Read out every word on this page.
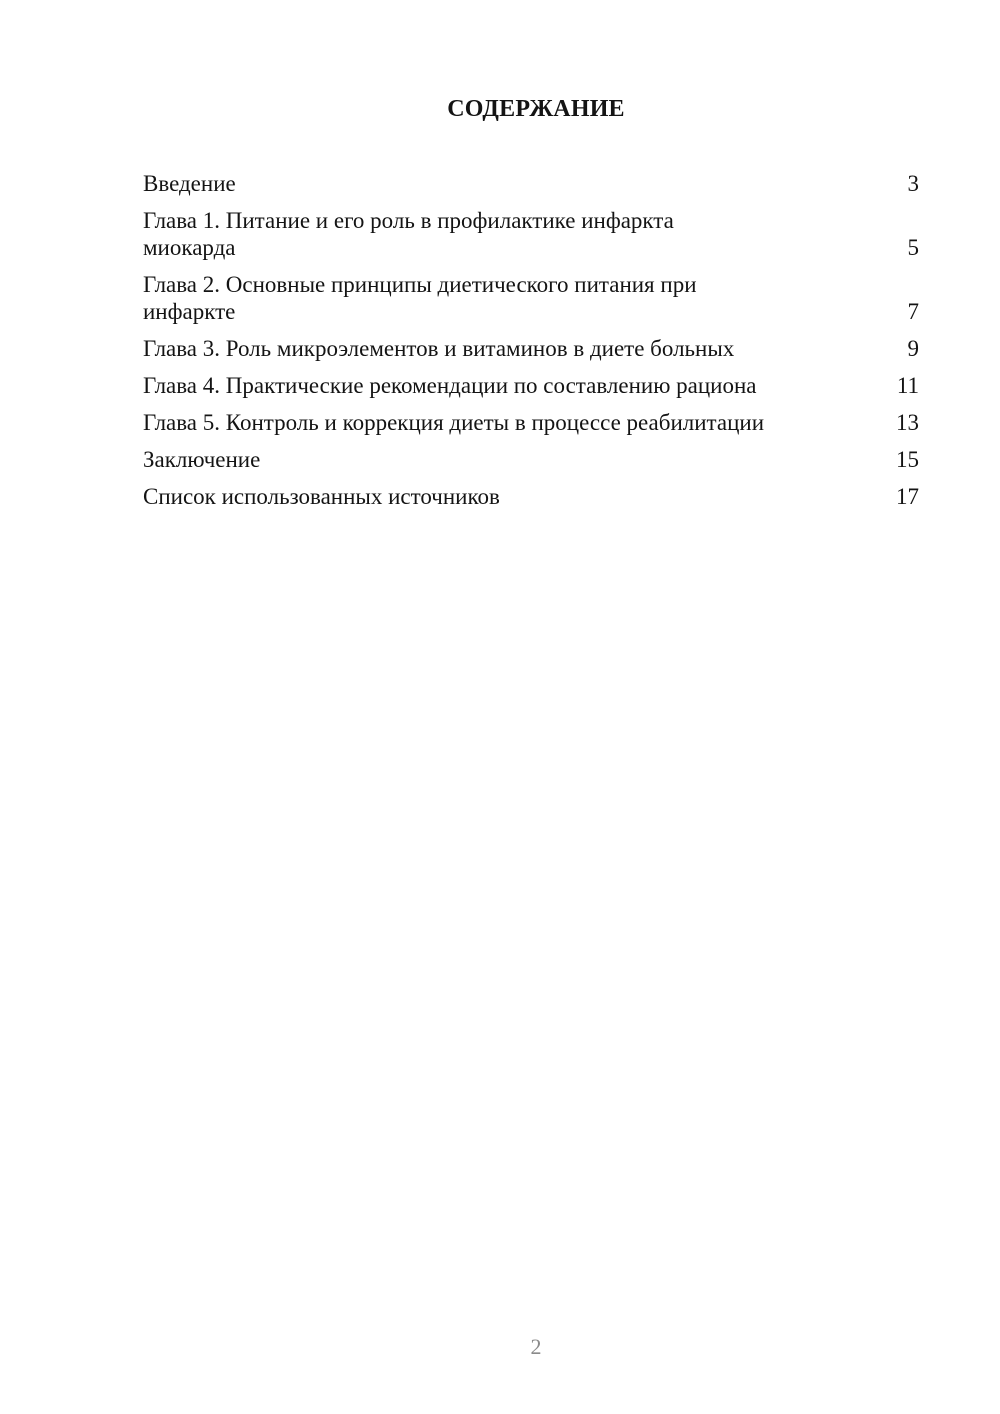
СОДЕРЖАНИЕ
Введение	3
Глава 1. Питание и его роль в профилактике инфаркта миокарда	5
Глава 2. Основные принципы диетического питания при инфаркте	7
Глава 3. Роль микроэлементов и витаминов в диете больных	9
Глава 4. Практические рекомендации по составлению рациона	11
Глава 5. Контроль и коррекция диеты в процессе реабилитации	13
Заключение	15
Список использованных источников	17
2
